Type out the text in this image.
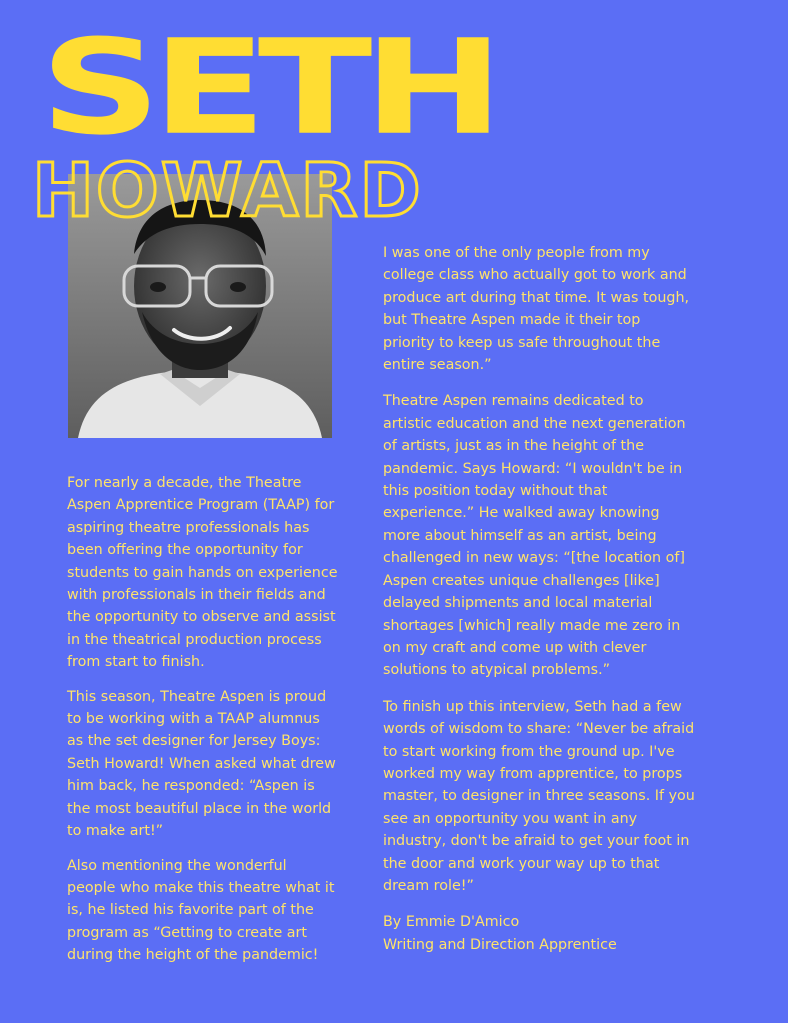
SETH
HOWARD

For nearly a decade, the Theatre Aspen Apprentice Program (TAAP) for aspiring theatre professionals has been offering the opportunity for students to gain hands on experience with professionals in their fields and the opportunity to observe and assist in the theatrical production process from start to finish.

This season, Theatre Aspen is proud to be working with a TAAP alumnus as the set designer for Jersey Boys: Seth Howard! When asked what drew him back, he responded: “Aspen is the most beautiful place in the world to make art!”

Also mentioning the wonderful people who make this theatre what it is, he listed his favorite part of the program as “Getting to create art during the height of the pandemic!

I was one of the only people from my college class who actually got to work and produce art during that time. It was tough, but Theatre Aspen made it their top priority to keep us safe throughout the entire season.”

Theatre Aspen remains dedicated to artistic education and the next generation of artists, just as in the height of the pandemic. Says Howard: “I wouldn't be in this position today without that experience.” He walked away knowing more about himself as an artist, being challenged in new ways: “[the location of] Aspen creates unique challenges [like] delayed shipments and local material shortages [which] really made me zero in on my craft and come up with clever solutions to atypical problems.”

To finish up this interview, Seth had a few words of wisdom to share: “Never be afraid to start working from the ground up. I've worked my way from apprentice, to props master, to designer in three seasons. If you see an opportunity you want in any industry, don't be afraid to get your foot in the door and work your way up to that dream role!”

By Emmie D'Amico
Writing and Direction Apprentice
